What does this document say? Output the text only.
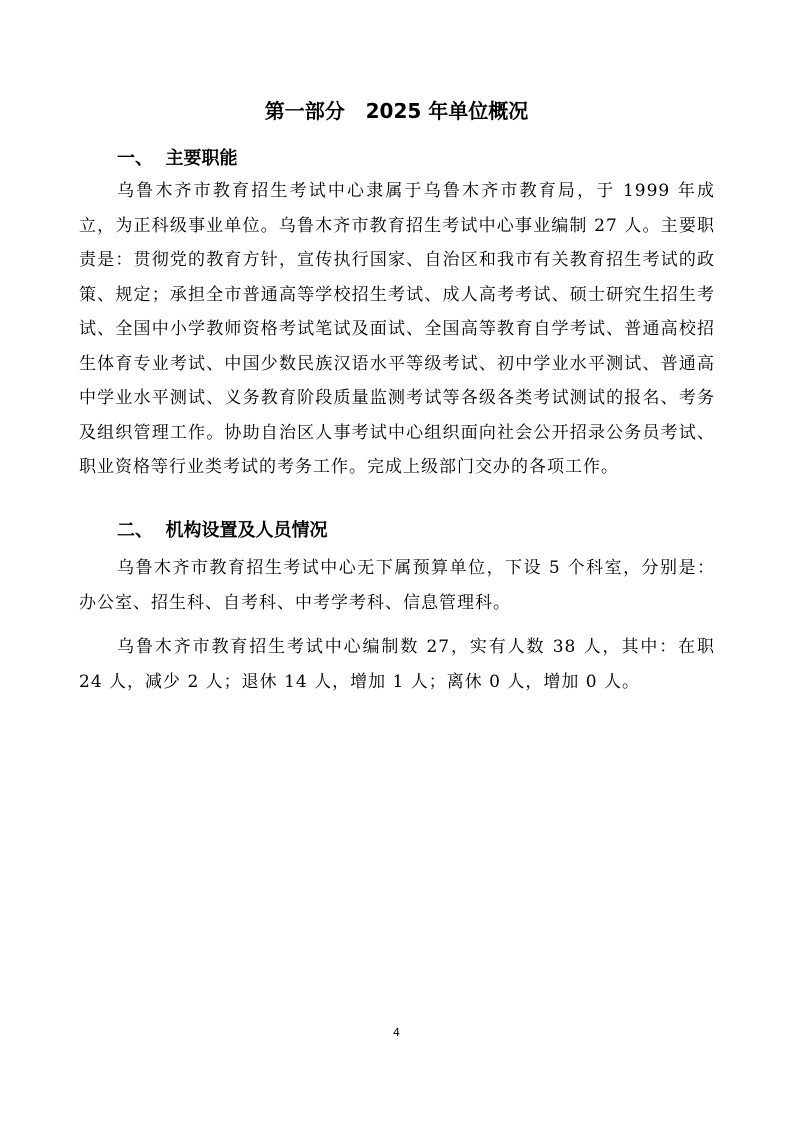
第一部分   2025 年单位概况
一、  主要职能

乌鲁木齐市教育招生考试中心隶属于乌鲁木齐市教育局，于 1999 年成立，为正科级事业单位。乌鲁木齐市教育招生考试中心事业编制 27 人。主要职责是：贯彻党的教育方针，宣传执行国家、自治区和我市有关教育招生考试的政策、规定；承担全市普通高等学校招生考试、成人高考考试、硕士研究生招生考试、全国中小学教师资格考试笔试及面试、全国高等教育自学考试、普通高校招生体育专业考试、中国少数民族汉语水平等级考试、初中学业水平测试、普通高中学业水平测试、义务教育阶段质量监测考试等各级各类考试测试的报名、考务及组织管理工作。协助自治区人事考试中心组织面向社会公开招录公务员考试、职业资格等行业类考试的考务工作。完成上级部门交办的各项工作。

二、  机构设置及人员情况

乌鲁木齐市教育招生考试中心无下属预算单位，下设 5 个科室，分别是：办公室、招生科、自考科、中考学考科、信息管理科。

乌鲁木齐市教育招生考试中心编制数 27，实有人数 38 人，其中：在职 24 人，减少 2 人；退休 14 人，增加 1 人；离休 0 人，增加 0 人。

4
